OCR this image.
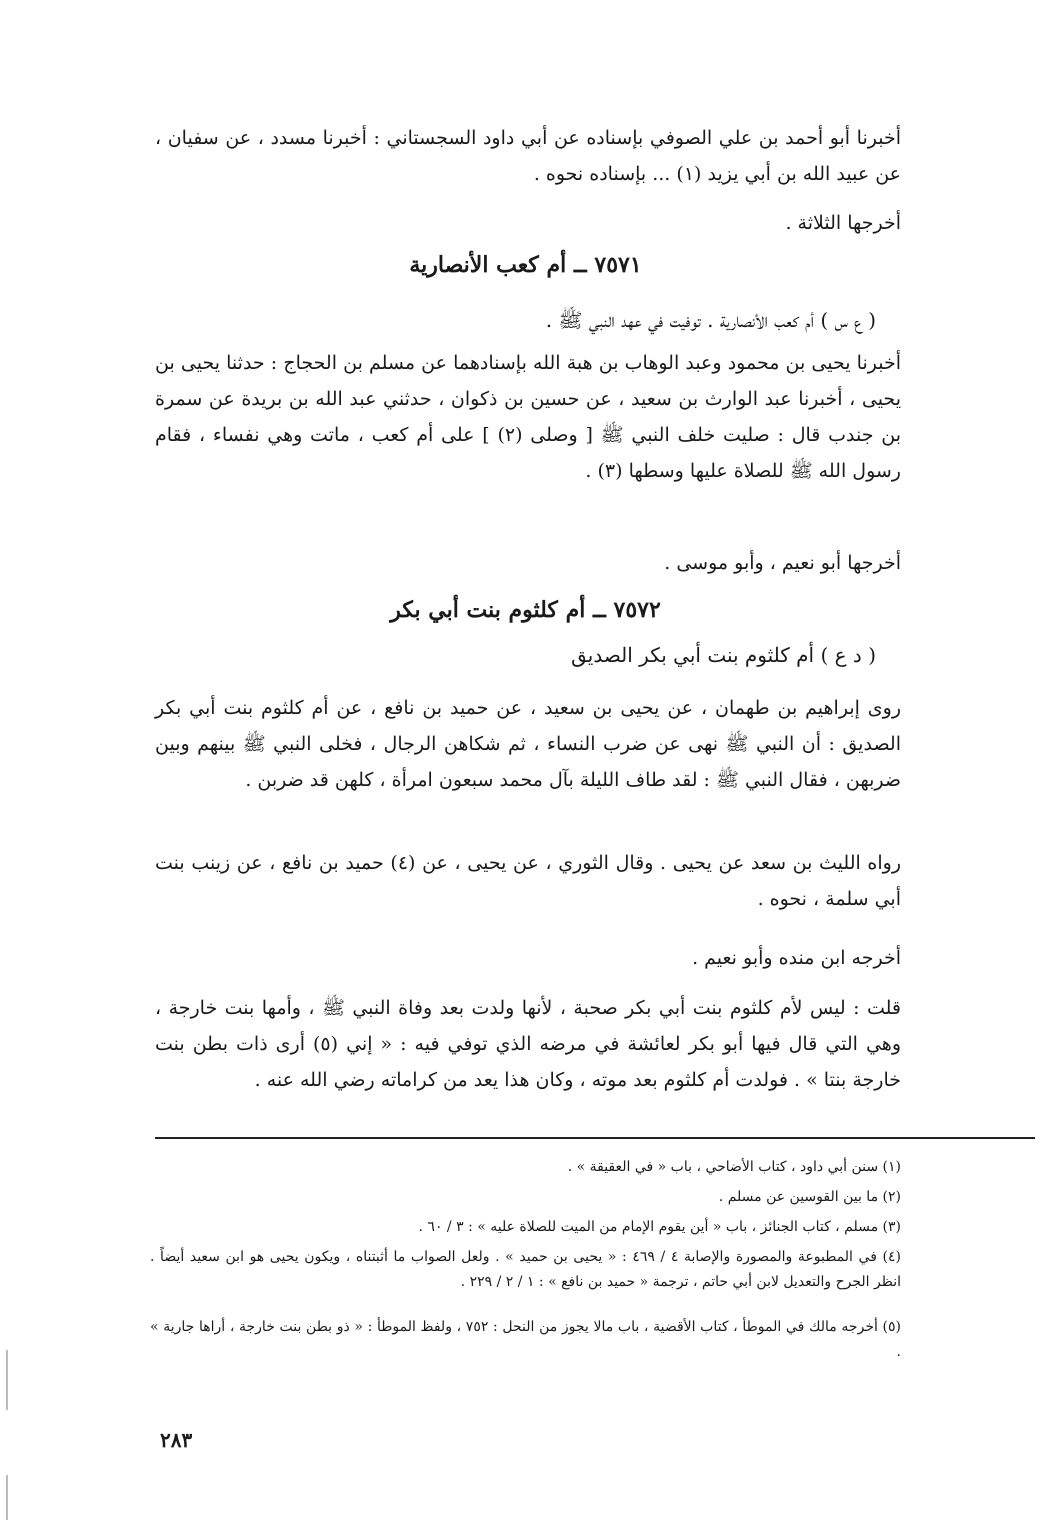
أخبرنا أبو أحمد بن علي الصوفي بإسناده عن أبي داود السجستاني : أخبرنا مسدد ، عن سفيان ، عن عبيد الله بن أبي يزيد (١) ... بإسناده نحوه .

أخرجها الثلاثة .

٧٥٧١ ــ أم كعب الأنصارية

( ع س ) أم كعب الأنصارية . توفيت في عهد النبي ﷺ .

أخبرنا يحيى بن محمود وعبد الوهاب بن هبة الله بإسنادهما عن مسلم بن الحجاج : حدثنا يحيى بن يحيى ، أخبرنا عبد الوارث بن سعيد ، عن حسين بن ذكوان ، حدثني عبد الله بن بريدة عن سمرة بن جندب قال : صليت خلف النبي ﷺ [ وصلى (٢) ] على أم كعب ، ماتت وهي نفساء ، فقام رسول الله ﷺ للصلاة عليها وسطها (٣) .

أخرجها أبو نعيم ، وأبو موسى .

٧٥٧٢ ــ أم كلثوم بنت أبي بكر

( د ع ) أم كلثوم بنت أبي بكر الصديق

روى إبراهيم بن طهمان ، عن يحيى بن سعيد ، عن حميد بن نافع ، عن أم كلثوم بنت أبي بكر الصديق : أن النبي ﷺ نهى عن ضرب النساء ، ثم شكاهن الرجال ، فخلى النبي ﷺ بينهم وبين ضربهن ، فقال النبي ﷺ : لقد طاف الليلة بآل محمد سبعون امرأة ، كلهن قد ضربن .

رواه الليث بن سعد عن يحيى . وقال الثوري ، عن يحيى ، عن (٤) حميد بن نافع ، عن زينب بنت أبي سلمة ، نحوه .

أخرجه ابن منده وأبو نعيم .

قلت : ليس لأم كلثوم بنت أبي بكر صحبة ، لأنها ولدت بعد وفاة النبي ﷺ ، وأمها بنت خارجة ، وهي التي قال فيها أبو بكر لعائشة في مرضه الذي توفي فيه : « إني (٥) أرى ذات بطن بنت خارجة بنتا » . فولدت أم كلثوم بعد موته ، وكان هذا يعد من كراماته رضي الله عنه .

(١) سنن أبي داود ، كتاب الأضاحي ، باب « في العقيقة » .

(٢) ما بين القوسين عن مسلم .

(٣) مسلم ، كتاب الجنائز ، باب « أين يقوم الإمام من الميت للصلاة عليه » : ٣ / ٦٠ .

(٤) في المطبوعة والمصورة والإصابة ٤ / ٤٦٩ : « يحيى بن حميد » . ولعل الصواب ما أثبتناه ، ويكون يحيى هو ابن سعيد أيضاً . انظر الجرح والتعديل لابن أبي حاتم ، ترجمة « حميد بن نافع » : ١ / ٢ / ٢٢٩ .

(٥) أخرجه مالك في الموطأ ، كتاب الأقضية ، باب مالا يجوز من النحل : ٧٥٢ ، ولفظ الموطأ : « ذو بطن بنت خارجة ، أراها جارية » .

٢٨٣
